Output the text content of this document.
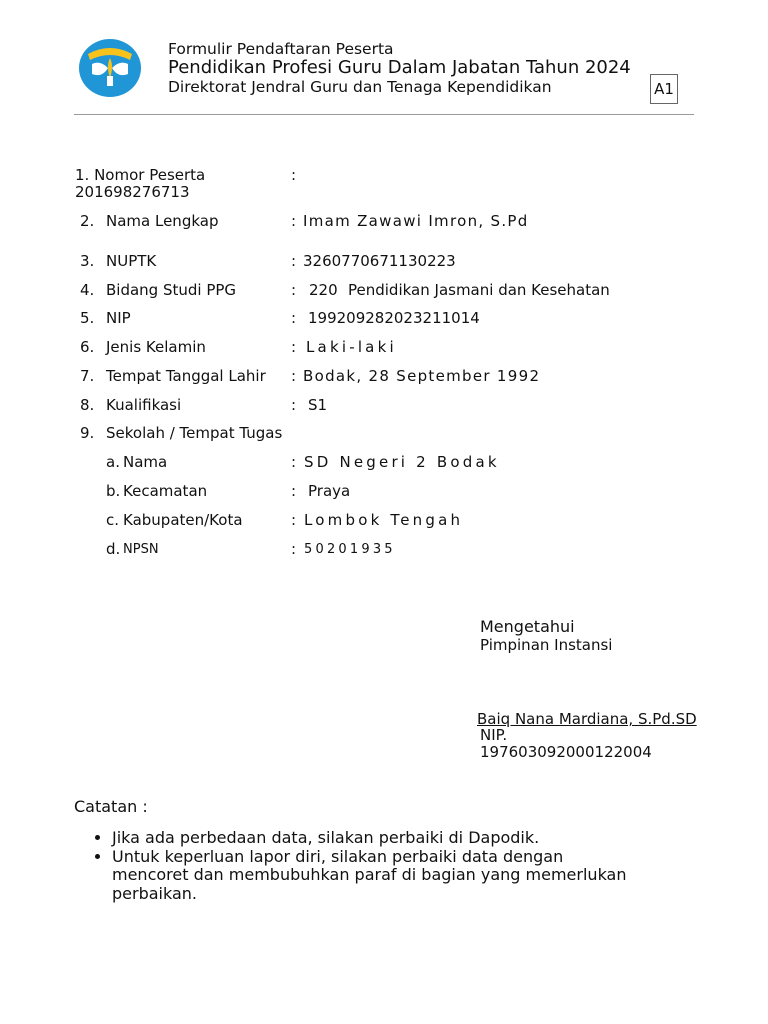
Formulir Pendaftaran Peserta
Pendidikan Profesi Guru Dalam Jabatan Tahun 2024
Direktorat Jendral Guru dan Tenaga Kependidikan	A1
1. Nomor Peserta	:
201698276713
2. Nama Lengkap	: Imam Zawawi Imron, S.Pd
3. NUPTK	: 3260770671130223
4. Bidang Studi PPG	: 220 Pendidikan Jasmani dan Kesehatan
5. NIP	: 199209282023211014
6. Jenis Kelamin	: Laki-laki
7. Tempat Tanggal Lahir : Bodak, 28 September 1992
8. Kualifikasi	: S1
9. Sekolah / Tempat Tugas
a. Nama	: SD Negeri 2 Bodak
b. Kecamatan	: Praya
c. Kabupaten/Kota	: Lombok Tengah
d. NPSN	: 50201935
Mengetahui
Pimpinan Instansi
Baiq Nana Mardiana, S.Pd.SD
NIP.
197603092000122004
Catatan :
• Jika ada perbedaan data, silakan perbaiki di Dapodik.
• Untuk keperluan lapor diri, silakan perbaiki data dengan mencoret dan membubuhkan paraf di bagian yang memerlukan perbaikan.
